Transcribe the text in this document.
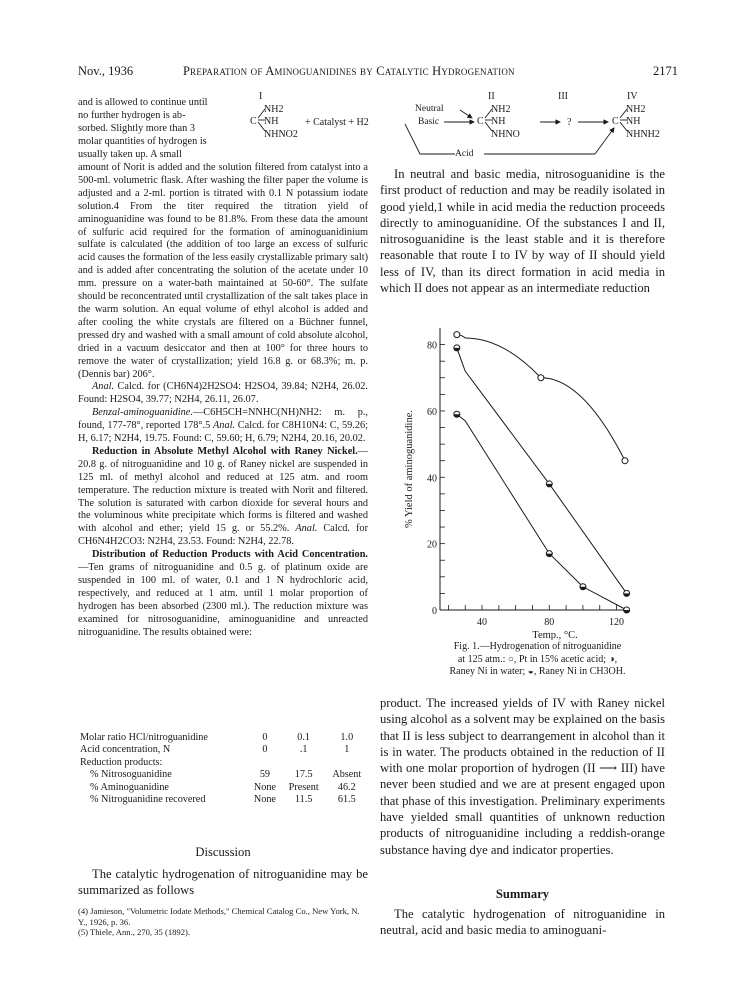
Nov., 1936	Preparation of Aminoguanidines by Catalytic Hydrogenation	2171
and is allowed to continue until
no further hydrogen is ab-
sorbed. Slightly more than 3
molar quantities of hydrogen is
usually taken up. A small
I
C
NH2
NH
NHNO2
+ Catalyst + H2
Neutral
Basic
Acid
II
C
NH2
NH
NHNO
III
?
IV
C
NH2
NH
NHNH2

amount of Norit is added and the solution filtered from catalyst into a 500-ml. volumetric flask. After washing the filter paper the volume is adjusted and a 2-ml. portion is titrated with 0.1 N potassium iodate solution.4 From the titer required the titration yield of aminoguanidine was found to be 81.8%. From these data the amount of sulfuric acid required for the formation of aminoguanidinium sulfate is calculated (the addition of too large an excess of sulfuric acid causes the formation of the less easily crystallizable primary salt) and is added after concentrating the solution of the acetate under 10 mm. pressure on a water-bath maintained at 50-60°. The sulfate should be reconcentrated until crystallization of the salt takes place in the warm solution. An equal volume of ethyl alcohol is added and after cooling the white crystals are filtered on a Büchner funnel, pressed dry and washed with a small amount of cold absolute alcohol, dried in a vacuum desiccator and then at 100° for three hours to remove the water of crystallization; yield 16.8 g. or 68.3%; m. p. (Dennis bar) 206°.

Anal. Calcd. for (CH6N4)2H2SO4: H2SO4, 39.84; N2H4, 26.02. Found: H2SO4, 39.77; N2H4, 26.11, 26.07.

Benzal-aminoguanidine.—C6H5CH=NNHC(NH)NH2: m. p., found, 177-78°, reported 178°.5 Anal. Calcd. for C8H10N4: C, 59.26; H, 6.17; N2H4, 19.75. Found: C, 59.60; H, 6.79; N2H4, 20.16, 20.02.

Reduction in Absolute Methyl Alcohol with Raney Nickel.—20.8 g. of nitroguanidine and 10 g. of Raney nickel are suspended in 125 ml. of methyl alcohol and reduced at 125 atm. and room temperature. The reduction mixture is treated with Norit and filtered. The solution is saturated with carbon dioxide for several hours and the voluminous white precipitate which forms is filtered and washed with alcohol and ether; yield 15 g. or 55.2%. Anal. Calcd. for CH6N4H2CO3: N2H4, 23.53. Found: N2H4, 22.78.

Distribution of Reduction Products with Acid Concentration.—Ten grams of nitroguanidine and 0.5 g. of platinum oxide are suspended in 100 ml. of water, 0.1 and 1 N hydrochloric acid, respectively, and reduced at 1 atm. until 1 molar proportion of hydrogen has been absorbed (2300 ml.). The reduction mixture was examined for nitrosoguanidine, aminoguanidine and unreacted nitroguanidine. The results obtained were:

Molar ratio HCl/nitroguanidine	0	0.1	1.0
Acid concentration, N	0	.1	1
Reduction products:			
% Nitrosoguanidine	59	17.5	Absent
% Aminoguanidine	None	Present	46.2
% Nitroguanidine recovered	None	11.5	61.5
Discussion
The catalytic hydrogenation of nitroguanidine may be summarized as follows
(4) Jamieson, "Volumetric Iodate Methods," Chemical Catalog Co., New York, N. Y., 1926, p. 36.
(5) Thiele, Ann., 270, 35 (1892).
In neutral and basic media, nitrosoguanidine is the first product of reduction and may be readily isolated in good yield,1 while in acid media the reduction proceeds directly to aminoguanidine. Of the substances I and II, nitrosoguanidine is the least stable and it is therefore reasonable that route I to IV by way of II should yield less of IV, than its direct formation in acid media in which II does not appear as an intermediate reduction
0
20
40
60
80
40	80	120
Temp., °C.
% Yield of aminoguanidine.
Fig. 1.—Hydrogenation of nitroguanidine
at 125 atm.: ○, Pt in 15% acetic acid; ◑,
Raney Ni in water; ◒, Raney Ni in CH3OH.
product. The increased yields of IV with Raney nickel using alcohol as a solvent may be explained on the basis that II is less subject to dearrangement in alcohol than it is in water. The products obtained in the reduction of II with one molar proportion of hydrogen (II ⟶ III) have never been studied and we are at present engaged upon that phase of this investigation. Preliminary experiments have yielded small quantities of unknown reduction products of nitroguanidine including a reddish-orange substance having dye and indicator properties.
Summary
The catalytic hydrogenation of nitroguanidine in neutral, acid and basic media to aminoguani-
